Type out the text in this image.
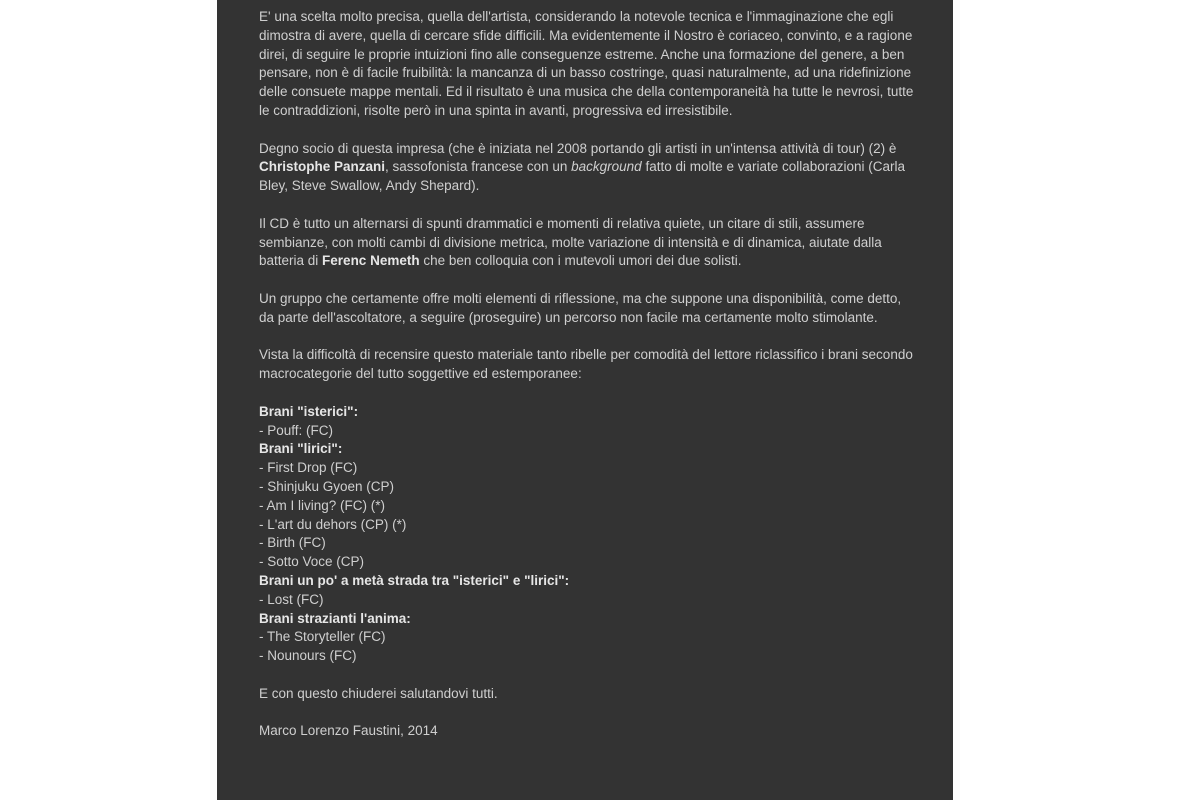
E' una scelta molto precisa, quella dell'artista, considerando la notevole tecnica e l'immaginazione che egli dimostra di avere, quella di cercare sfide difficili. Ma evidentemente il Nostro è coriaceo, convinto, e a ragione direi, di seguire le proprie intuizioni fino alle conseguenze estreme. Anche una formazione del genere, a ben pensare, non è di facile fruibilità: la mancanza di un basso costringe, quasi naturalmente, ad una ridefinizione delle consuete mappe mentali. Ed il risultato è una musica che della contemporaneità ha tutte le nevrosi, tutte le contraddizioni, risolte però in una spinta in avanti, progressiva ed irresistibile.

Degno socio di questa impresa (che è iniziata nel 2008 portando gli artisti in un'intensa attività di tour) (2) è Christophe Panzani, sassofonista francese con un background fatto di molte e variate collaborazioni (Carla Bley, Steve Swallow, Andy Shepard).

Il CD è tutto un alternarsi di spunti drammatici e momenti di relativa quiete, un citare di stili, assumere sembianze, con molti cambi di divisione metrica, molte variazione di intensità e di dinamica, aiutate dalla batteria di Ferenc Nemeth che ben colloquia con i mutevoli umori dei due solisti.

Un gruppo che certamente offre molti elementi di riflessione, ma che suppone una disponibilità, come detto, da parte dell'ascoltatore, a seguire (proseguire) un percorso non facile ma certamente molto stimolante.

Vista la difficoltà di recensire questo materiale tanto ribelle per comodità del lettore riclassifico i brani secondo macrocategorie del tutto soggettive ed estemporanee:

Brani "isterici":
- Pouff: (FC)
Brani "lirici":
- First Drop (FC)
- Shinjuku Gyoen (CP)
- Am I living? (FC) (*)
- L'art du dehors (CP) (*)
- Birth (FC)
- Sotto Voce (CP)
Brani un po' a metà strada tra "isterici" e "lirici":
- Lost (FC)
Brani strazianti l'anima:
- The Storyteller (FC)
- Nounours (FC)

E con questo chiuderei salutandovi tutti.

Marco Lorenzo Faustini, 2014
